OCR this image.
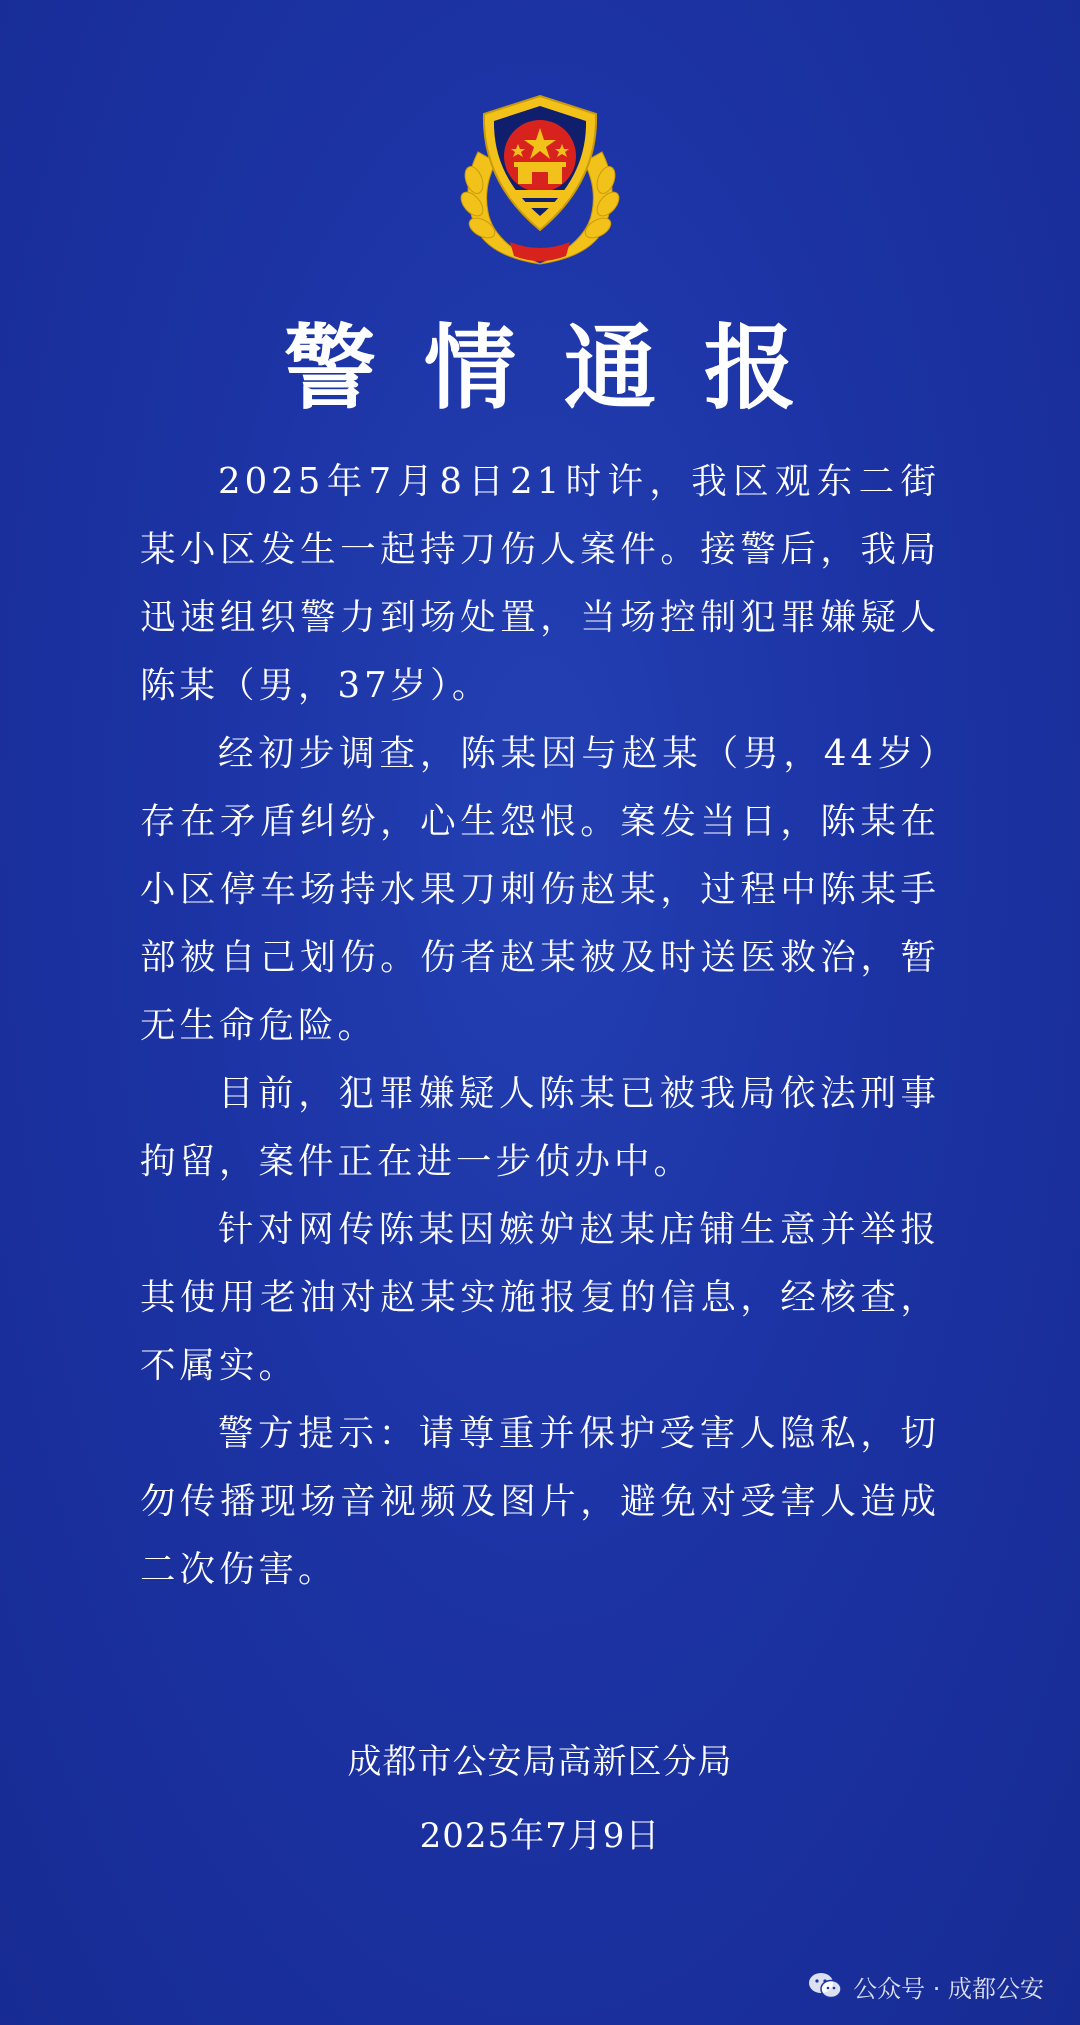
警情通报

2025年7月8日21时许，我区观东二街某小区发生一起持刀伤人案件。接警后，我局迅速组织警力到场处置，当场控制犯罪嫌疑人陈某（男，37岁）。

经初步调查，陈某因与赵某（男，44岁）存在矛盾纠纷，心生怨恨。案发当日，陈某在小区停车场持水果刀刺伤赵某，过程中陈某手部被自己划伤。伤者赵某被及时送医救治，暂无生命危险。

目前，犯罪嫌疑人陈某已被我局依法刑事拘留，案件正在进一步侦办中。

针对网传陈某因嫉妒赵某店铺生意并举报其使用老油对赵某实施报复的信息，经核查，不属实。

警方提示：请尊重并保护受害人隐私，切勿传播现场音视频及图片，避免对受害人造成二次伤害。

成都市公安局高新区分局
2025年7月9日
公众号 · 成都公安
